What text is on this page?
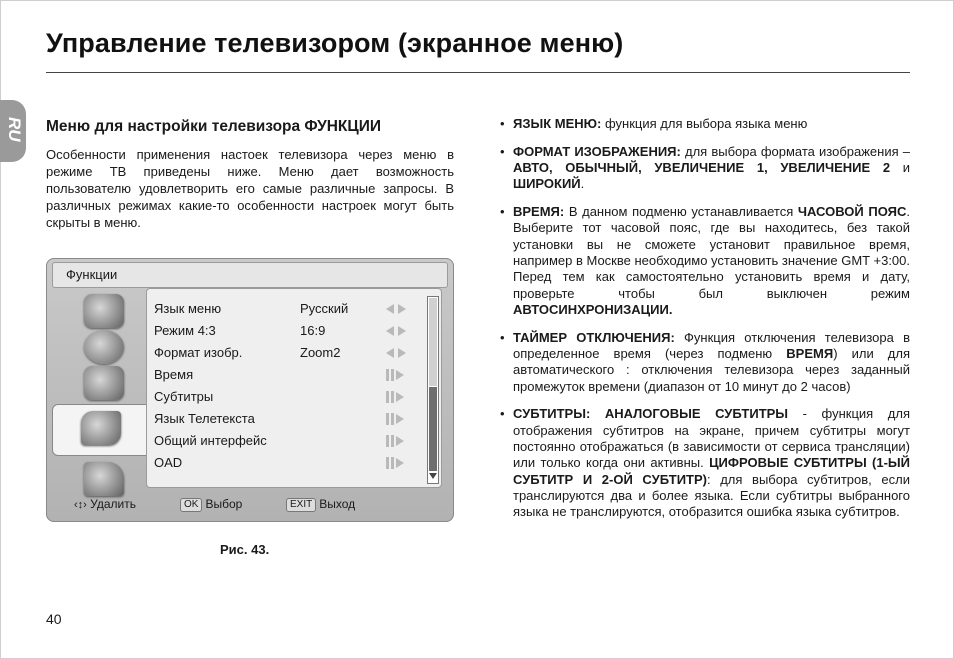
Управление телевизором (экранное меню)
RU Меню для настройки телевизора ФУНКЦИИ
Особенности применения настоек телевизора через меню в режиме ТВ приведены ниже. Меню дает возможность пользователю удовлетворить его самые различные запросы. В различных режимах какие-то особенности настроек могут быть скрыты в меню.
Функции
Язык меню	Русский
Режим 4:3	16:9
Формат изобр.	Zoom2
Время
Субтитры
Язык Телетекста
Общий интерфейс
OAD
‹↕› Удалить	OK Выбор	EXIT Выход
Рис. 43.
40
• ЯЗЫК МЕНЮ: функция для выбора языка меню
• ФОРМАТ ИЗОБРАЖЕНИЯ: для выбора формата изображения – АВТО, ОБЫЧНЫЙ, УВЕЛИЧЕНИЕ 1, УВЕЛИЧЕНИЕ 2 и ШИРОКИЙ.
• ВРЕМЯ: В данном подменю устанавливается ЧАСОВОЙ ПОЯС. Выберите тот часовой пояс, где вы находитесь, без такой установки вы не сможете установит правильное время, например в Москве необходимо установить значение GMT +3:00. Перед тем как самостоятельно установить время и дату, проверьте чтобы был выключен режим АВТОСИНХРОНИЗАЦИИ.
• ТАЙМЕР ОТКЛЮЧЕНИЯ: Функция отключения телевизора в определенное время (через подменю ВРЕМЯ) или для автоматического : отключения телевизора через заданный промежуток времени (диапазон от 10 минут до 2 часов)
• СУБТИТРЫ: АНАЛОГОВЫЕ СУБТИТРЫ - функция для отображения субтитров на экране, причем субтитры могут постоянно отображаться (в зависимости от сервиса трансляции) или только когда они активны. ЦИФРОВЫЕ СУБТИТРЫ (1-ЫЙ СУБТИТР И 2-ОЙ СУБТИТР): для выбора субтитров, если транслируются два и более языка. Если субтитры выбранного языка не транслируются, отобразится ошибка языка субтитров.
